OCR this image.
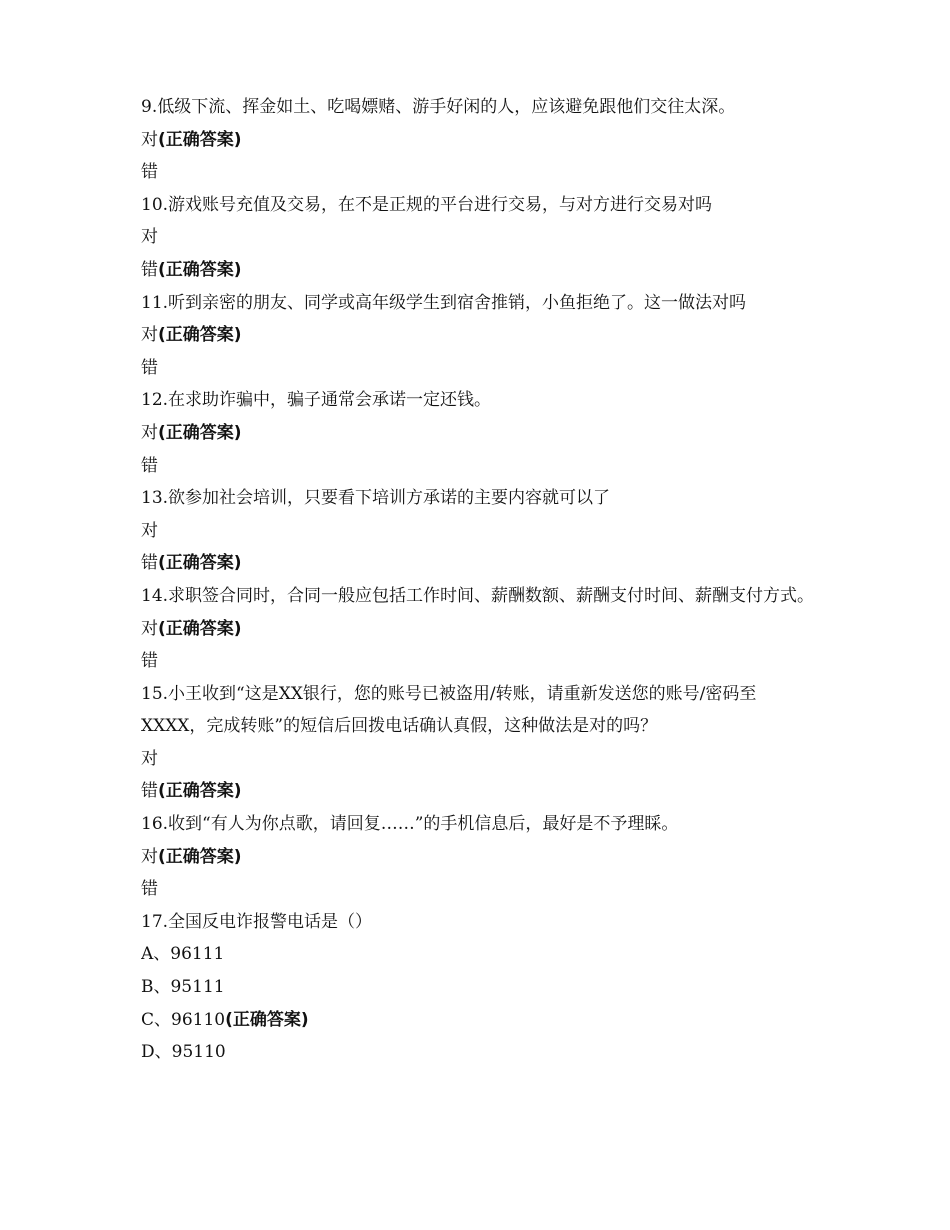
9.低级下流、挥金如土、吃喝嫖赌、游手好闲的人，应该避免跟他们交往太深。
对(正确答案)
错
10.游戏账号充值及交易，在不是正规的平台进行交易，与对方进行交易对吗
对
错(正确答案)
11.听到亲密的朋友、同学或高年级学生到宿舍推销，小鱼拒绝了。这一做法对吗
对(正确答案)
错
12.在求助诈骗中，骗子通常会承诺一定还钱。
对(正确答案)
错
13.欲参加社会培训，只要看下培训方承诺的主要内容就可以了
对
错(正确答案)
14.求职签合同时，合同一般应包括工作时间、薪酬数额、薪酬支付时间、薪酬支付方式。
对(正确答案)
错
15.小王收到“这是XX银行，您的账号已被盗用/转账，请重新发送您的账号/密码至XXXX，完成转账”的短信后回拨电话确认真假，这种做法是对的吗？
对
错(正确答案)
16.收到“有人为你点歌，请回复……”的手机信息后，最好是不予理睬。
对(正确答案)
错
17.全国反电诈报警电话是（）
A、96111
B、95111
C、96110(正确答案)
D、95110
